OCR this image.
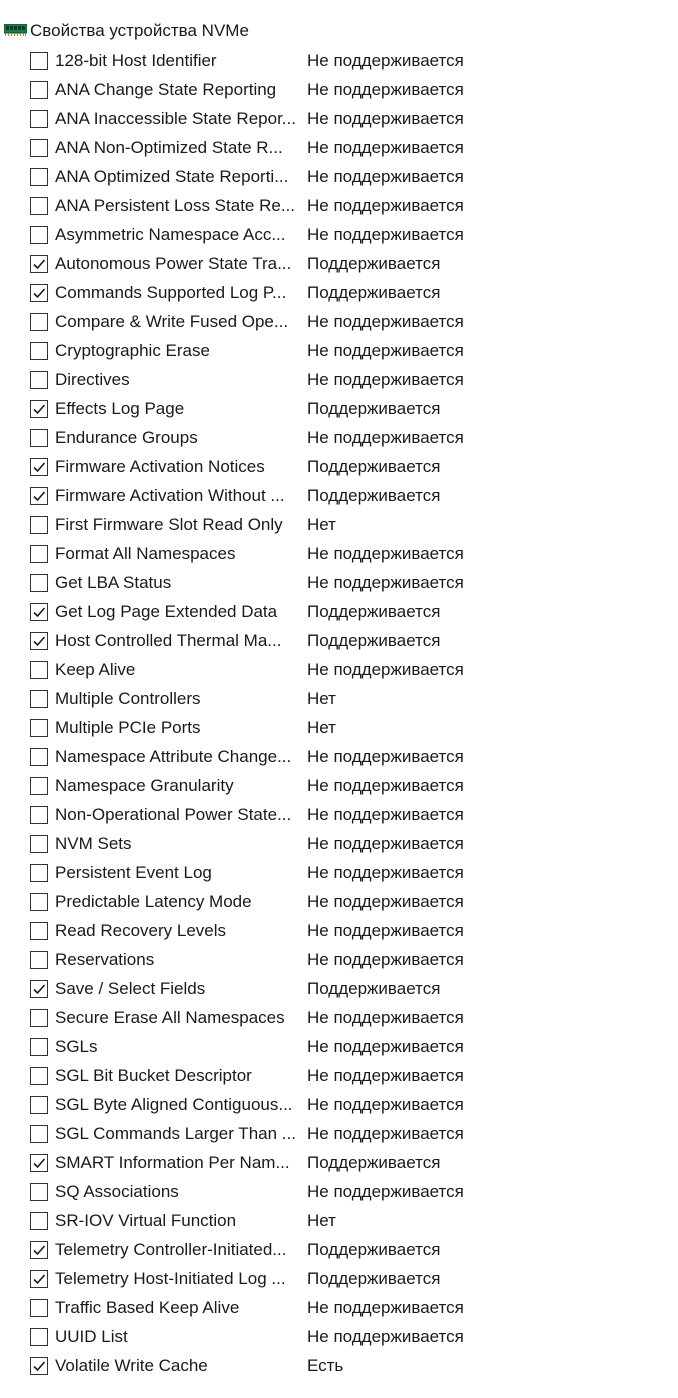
Свойства устройства NVMe
128-bit Host Identifier	Не поддерживается
ANA Change State Reporting	Не поддерживается
ANA Inaccessible State Repor... Не поддерживается
ANA Non-Optimized State R...	Не поддерживается
ANA Optimized State Reporti...	Не поддерживается
ANA Persistent Loss State Re... Не поддерживается
Asymmetric Namespace Acc...	Не поддерживается
Autonomous Power State Tra... Поддерживается
Commands Supported Log P...	Поддерживается
Compare & Write Fused Ope...	Не поддерживается
Cryptographic Erase	Не поддерживается
Directives	Не поддерживается
Effects Log Page	Поддерживается
Endurance Groups	Не поддерживается
Firmware Activation Notices	Поддерживается
Firmware Activation Without ...	Поддерживается
First Firmware Slot Read Only	Нет
Format All Namespaces	Не поддерживается
Get LBA Status	Не поддерживается
Get Log Page Extended Data	Поддерживается
Host Controlled Thermal Ma...	Поддерживается
Keep Alive	Не поддерживается
Multiple Controllers	Нет
Multiple PCIe Ports	Нет
Namespace Attribute Change... Не поддерживается
Namespace Granularity	Не поддерживается
Non-Operational Power State... Не поддерживается
NVM Sets	Не поддерживается
Persistent Event Log	Не поддерживается
Predictable Latency Mode	Не поддерживается
Read Recovery Levels	Не поддерживается
Reservations	Не поддерживается
Save / Select Fields	Поддерживается
Secure Erase All Namespaces	Не поддерживается
SGLs	Не поддерживается
SGL Bit Bucket Descriptor	Не поддерживается
SGL Byte Aligned Contiguous... Не поддерживается
SGL Commands Larger Than ... Не поддерживается
SMART Information Per Nam...	Поддерживается
SQ Associations	Не поддерживается
SR-IOV Virtual Function	Нет
Telemetry Controller-Initiated...	Поддерживается
Telemetry Host-Initiated Log ...	Поддерживается
Traffic Based Keep Alive	Не поддерживается
UUID List	Не поддерживается
Volatile Write Cache	Есть
